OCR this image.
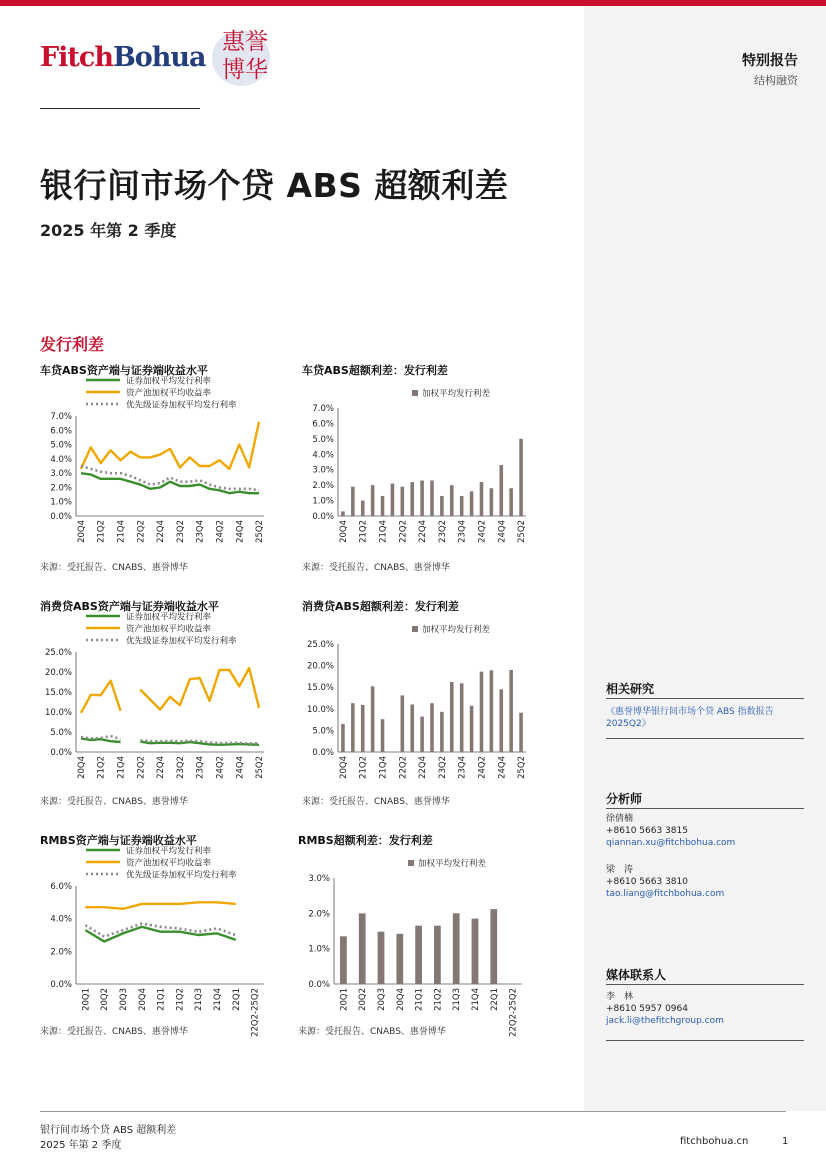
FitchBohua 惠誉博华	特别报告
结构融资
银行间市场个贷 ABS 超额利差
2025 年第 2 季度
发行利差
车贷ABS资产端与证券端收益水平
证券加权平均发行利率
资产池加权平均收益率
优先级证券加权平均发行利率
0.0%
1.0%
2.0%
3.0%
4.0%
5.0%
6.0%
7.0%
20Q4 21Q2 21Q4 22Q2 22Q4 23Q2 23Q4 24Q2 24Q4 25Q2
来源：受托报告、CNABS、惠誉博华
车贷ABS超额利差：发行利差
加权平均发行利差
0.0%
1.0%
2.0%
3.0%
4.0%
5.0%
6.0%
7.0%
20Q4 21Q2 21Q4 22Q2 22Q4 23Q2 23Q4 24Q2 24Q4 25Q2
来源：受托报告、CNABS、惠誉博华
消费贷ABS资产端与证券端收益水平
证券加权平均发行利率
资产池加权平均收益率
优先级证券加权平均发行利率
0.0%
5.0%
10.0%
15.0%
20.0%
25.0%
20Q4 21Q2 21Q4 22Q2 22Q4 23Q2 23Q4 24Q2 24Q4 25Q2
来源：受托报告、CNABS、惠誉博华
消费贷ABS超额利差：发行利差
加权平均发行利差
0.0%
5.0%
10.0%
15.0%
20.0%
25.0%
20Q4 21Q2 21Q4 22Q2 22Q4 23Q2 23Q4 24Q2 24Q4 25Q2
来源：受托报告、CNABS、惠誉博华
RMBS资产端与证券端收益水平
证券加权平均发行利率
资产池加权平均收益率
优先级证券加权平均发行利率
0.0%
2.0%
4.0%
6.0%
20Q1 20Q2 20Q3 20Q4 21Q1 21Q2 21Q3 21Q4 22Q1 22Q2-25Q2
来源：受托报告、CNABS、惠誉博华
RMBS超额利差：发行利差
加权平均发行利差
0.0%
1.0%
2.0%
3.0%
20Q1 20Q2 20Q3 20Q4 21Q1 21Q2 21Q3 21Q4 22Q1 22Q2-25Q2
来源：受托报告、CNABS、惠誉博华
相关研究
《惠誉博华银行间市场个贷 ABS 指数报告 2025Q2》
分析师
徐倩楠
+8610 5663 3815
qiannan.xu@fitchbohua.com
梁　涛
+8610 5663 3810
tao.liang@fitchbohua.com
媒体联系人
李　林
+8610 5957 0964
jack.li@thefitchgroup.com
银行间市场个贷 ABS 超额利差
2025 年第 2 季度	fitchbohua.cn	1
